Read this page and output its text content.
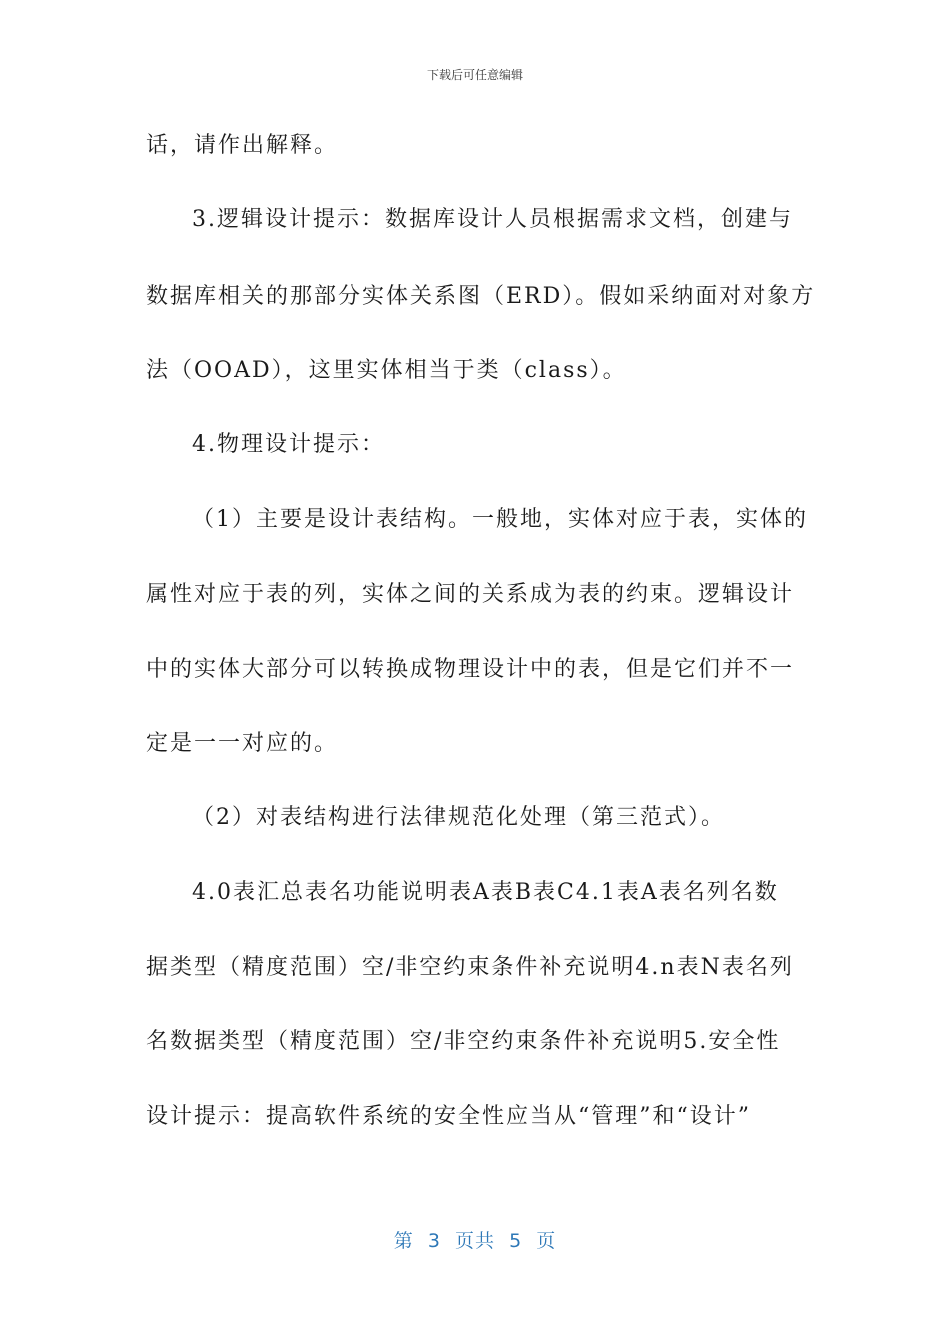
下载后可任意编辑
话，请作出解释。
3.逻辑设计提示：数据库设计人员根据需求文档，创建与
数据库相关的那部分实体关系图（ERD）。假如采纳面对对象方
法（OOAD），这里实体相当于类（class）。
4.物理设计提示：
（1）主要是设计表结构。一般地，实体对应于表，实体的
属性对应于表的列，实体之间的关系成为表的约束。逻辑设计
中的实体大部分可以转换成物理设计中的表，但是它们并不一
定是一一对应的。
（2）对表结构进行法律规范化处理（第三范式）。
4.0表汇总表名功能说明表A表B表C4.1表A表名列名数
据类型（精度范围）空/非空约束条件补充说明4.n表N表名列
名数据类型（精度范围）空/非空约束条件补充说明5.安全性
设计提示：提高软件系统的安全性应当从“管理”和“设计”
第  3  页共  5  页
